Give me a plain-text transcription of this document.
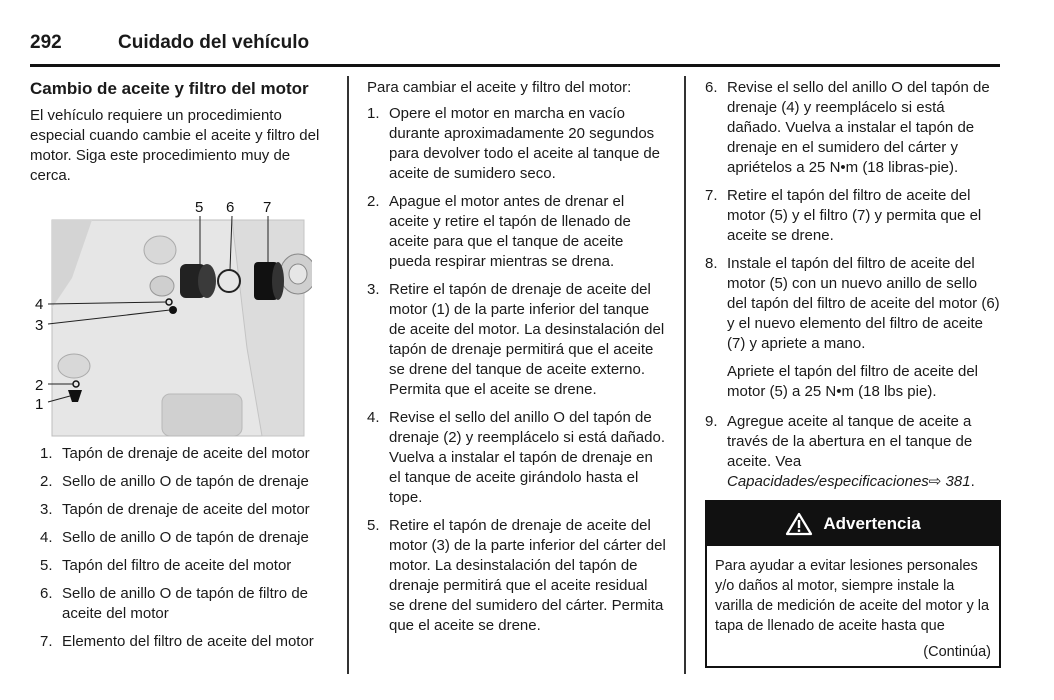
292	Cuidado del vehículo
Cambio de aceite y filtro del motor

El vehículo requiere un procedimiento especial cuando cambie el aceite y filtro del motor. Siga este procedimiento muy de cerca.

5 6 7
4
3
2
1
1. Tapón de drenaje de aceite del motor
2. Sello de anillo O de tapón de drenaje
3. Tapón de drenaje de aceite del motor
4. Sello de anillo O de tapón de drenaje
5. Tapón del filtro de aceite del motor
6. Sello de anillo O de tapón de filtro de aceite del motor
7. Elemento del filtro de aceite del motor

Para cambiar el aceite y filtro del motor:

1. Opere el motor en marcha en vacío durante aproximadamente 20 segundos para devolver todo el aceite al tanque de aceite de sumidero seco.
2. Apague el motor antes de drenar el aceite y retire el tapón de llenado de aceite para que el tanque de aceite pueda respirar mientras se drena.
3. Retire el tapón de drenaje de aceite del motor (1) de la parte inferior del tanque de aceite del motor. La desinstalación del tapón de drenaje permitirá que el aceite se drene del tanque de aceite externo. Permita que el aceite se drene.
4. Revise el sello del anillo O del tapón de drenaje (2) y reemplácelo si está dañado. Vuelva a instalar el tapón de drenaje en el tanque de aceite girándolo hasta el tope.
5. Retire el tapón de drenaje de aceite del motor (3) de la parte inferior del cárter del motor. La desinstalación del tapón de drenaje permitirá que el aceite residual se drene del sumidero del cárter. Permita que el aceite se drene.
6. Revise el sello del anillo O del tapón de drenaje (4) y reemplácelo si está dañado. Vuelva a instalar el tapón de drenaje en el sumidero del cárter y apriételos a 25 N•m (18 libras-pie).
7. Retire el tapón del filtro de aceite del motor (5) y el filtro (7) y permita que el aceite se drene.
8. Instale el tapón del filtro de aceite del motor (5) con un nuevo anillo de sello del tapón del filtro de aceite del motor (6) y el nuevo elemento del filtro de aceite (7) y apriete a mano.

Apriete el tapón del filtro de aceite del motor (5) a 25 N•m (18 lbs pie).

9. Agregue aceite al tanque de aceite a través de la abertura en el tanque de aceite. Vea Capacidades/especificaciones⇨ 381.
Advertencia

Para ayudar a evitar lesiones personales y/o daños al motor, siempre instale la varilla de medición de aceite del motor y la tapa de llenado de aceite hasta que

(Continúa)
